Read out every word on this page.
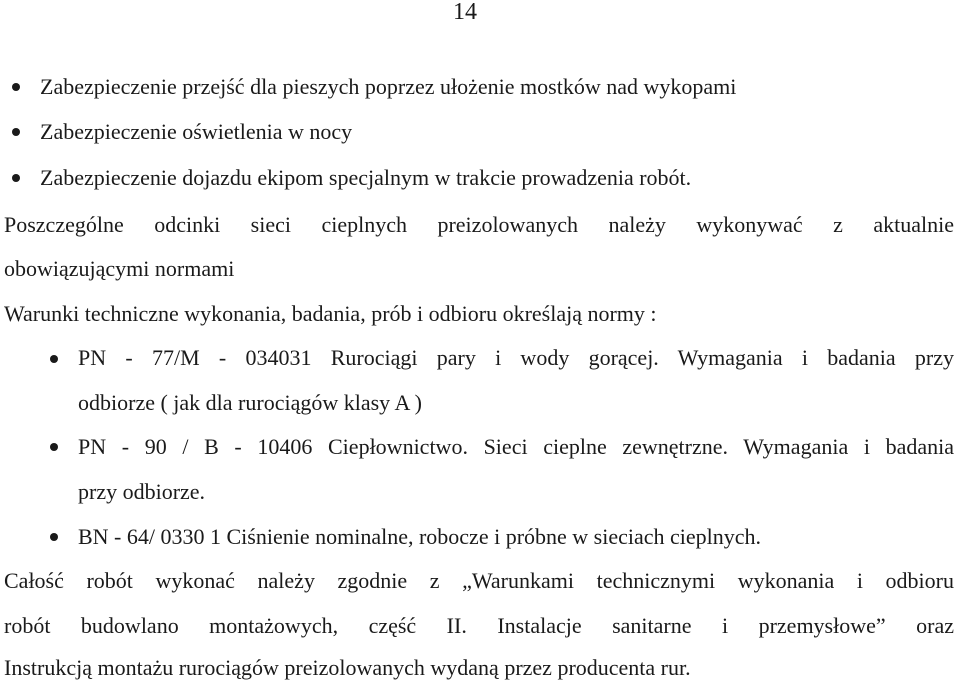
14
Zabezpieczenie przejść dla pieszych poprzez ułożenie mostków nad wykopami
Zabezpieczenie oświetlenia w nocy
Zabezpieczenie dojazdu ekipom specjalnym w trakcie prowadzenia robót.
Poszczególne odcinki sieci cieplnych preizolowanych należy wykonywać z aktualnie
obowiązującymi normami
Warunki techniczne wykonania, badania, prób i odbioru określają normy :
PN - 77/M - 034031 Rurociągi pary i wody gorącej. Wymagania i badania przy
odbiorze ( jak dla rurociągów klasy A )
PN - 90 / B - 10406 Ciepłownictwo. Sieci cieplne zewnętrzne. Wymagania i badania
przy odbiorze.
BN - 64/ 0330 1 Ciśnienie nominalne, robocze i próbne w sieciach cieplnych.
Całość robót wykonać należy zgodnie z „Warunkami technicznymi wykonania i odbioru
robót budowlano montażowych, część II. Instalacje sanitarne i przemysłowe” oraz
Instrukcją montażu rurociągów preizolowanych wydaną przez producenta rur.
